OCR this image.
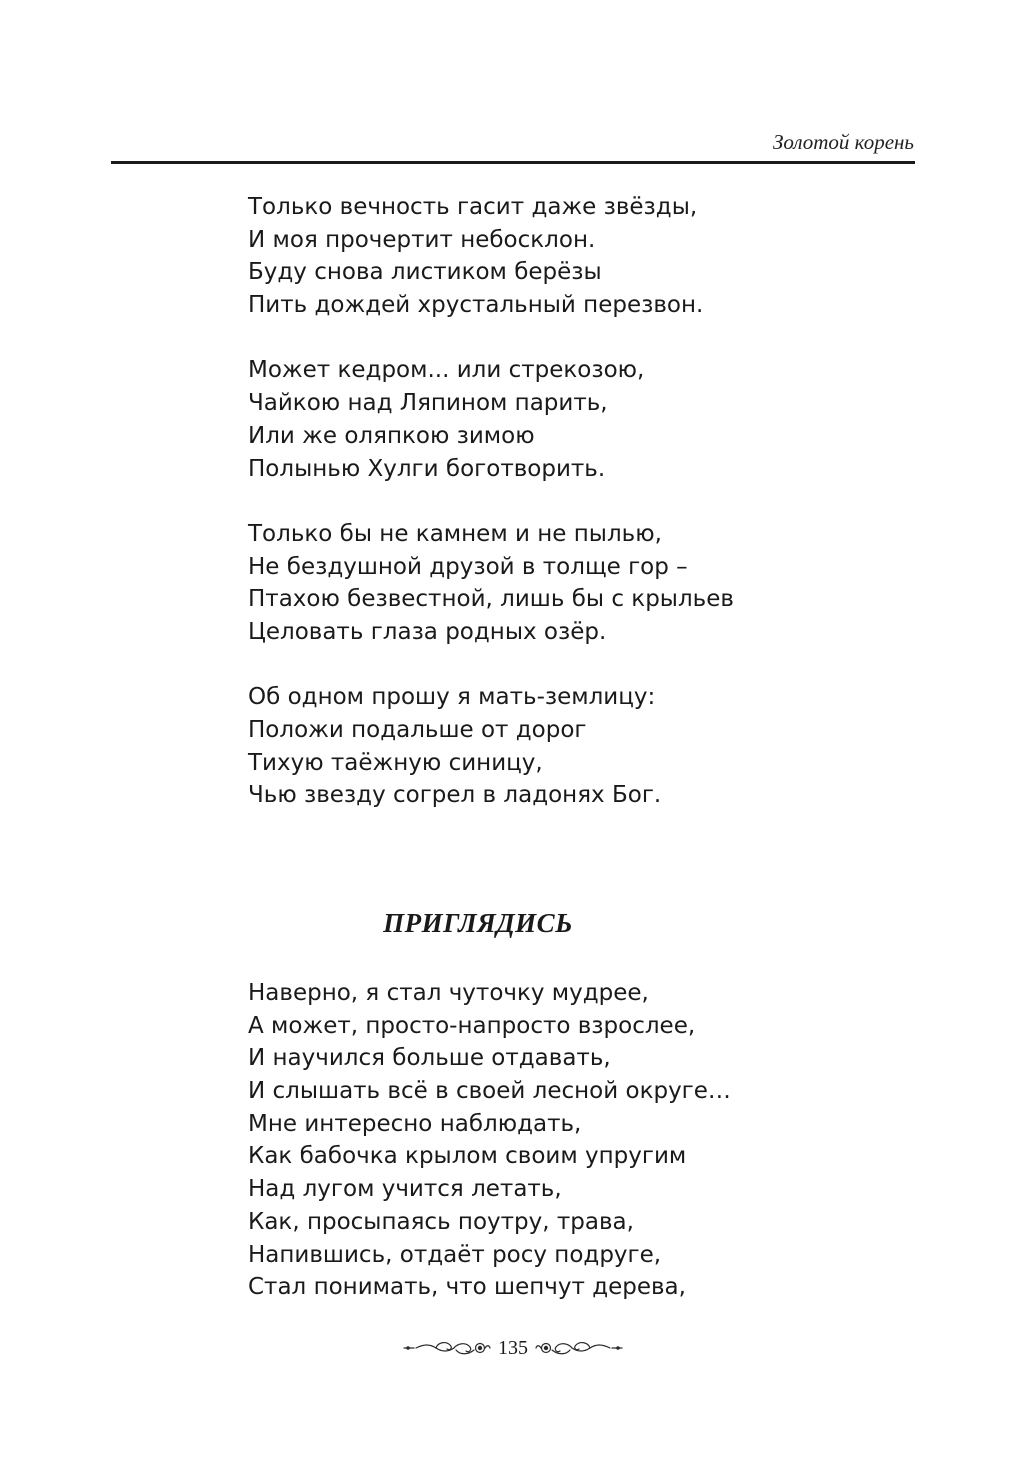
Золотой корень
Только вечность гасит даже звёзды,
И моя прочертит небосклон.
Буду снова листиком берёзы
Пить дождей хрустальный перезвон.
Может кедром... или стрекозою,
Чайкою над Ляпином парить,
Или же оляпкою зимою
Полынью Хулги боготворить.
Только бы не камнем и не пылью,
Не бездушной друзой в толще гор –
Птахою безвестной, лишь бы с крыльев
Целовать глаза родных озёр.
Об одном прошу я мать-землицу:
Положи подальше от дорог
Тихую таёжную синицу,
Чью звезду согрел в ладонях Бог.
ПРИГЛЯДИСЬ
Наверно, я стал чуточку мудрее,
А может, просто-напросто взрослее,
И научился больше отдавать,
И слышать всё в своей лесной округе…
Мне интересно наблюдать,
Как бабочка крылом своим упругим
Над лугом учится летать,
Как, просыпаясь поутру, трава,
Напившись, отдаёт росу подруге,
Стал понимать, что шепчут дерева,
135
